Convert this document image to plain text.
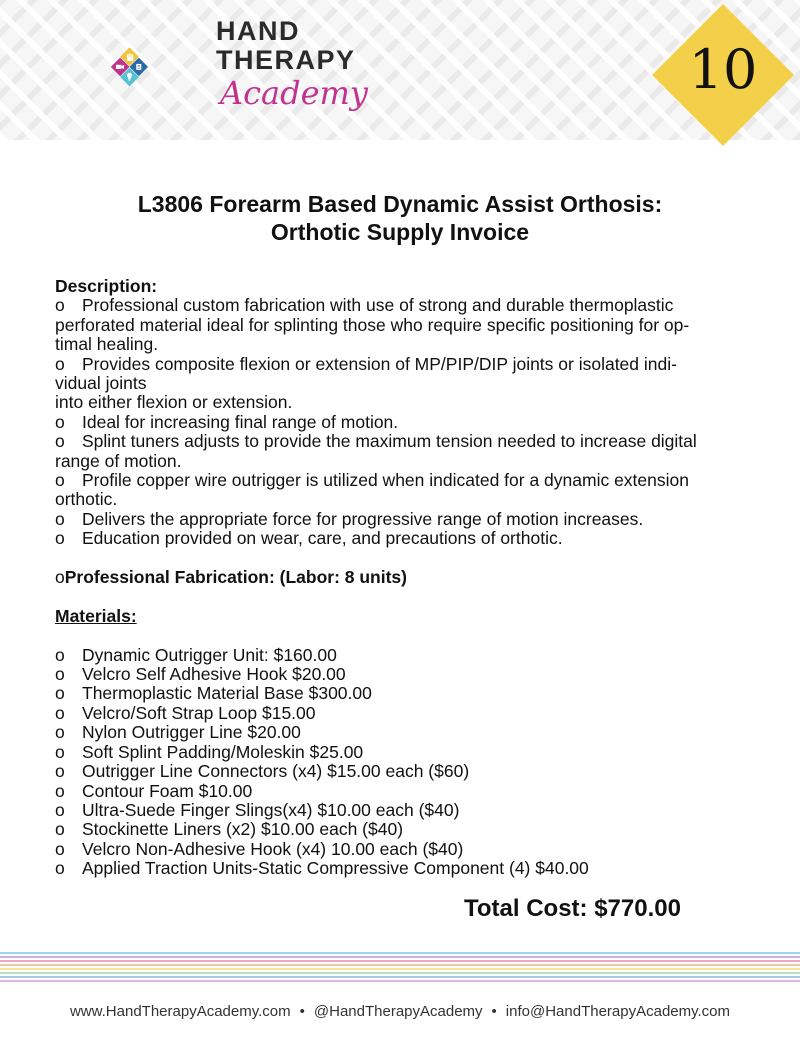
HAND
THERAPY
Academy	10
L3806 Forearm Based Dynamic Assist Orthosis:
Orthotic Supply Invoice

Description:

o Professional custom fabrication with use of strong and durable thermoplastic

perforated material ideal for splinting those who require specific positioning for op-

timal healing.

o Provides composite flexion or extension of MP/PIP/DIP joints or isolated indi-

vidual joints

into either flexion or extension.

o Ideal for increasing final range of motion.

o Splint tuners adjusts to provide the maximum tension needed to increase digital

range of motion.

o Profile copper wire outrigger is utilized when indicated for a dynamic extension

orthotic.

o Delivers the appropriate force for progressive range of motion increases.

o Education provided on wear, care, and precautions of orthotic.

oProfessional Fabrication: (Labor: 8 units)

Materials:

o Dynamic Outrigger Unit: $160.00

o Velcro Self Adhesive Hook $20.00

o Thermoplastic Material Base $300.00

o Velcro/Soft Strap Loop $15.00

o Nylon Outrigger Line $20.00

o Soft Splint Padding/Moleskin $25.00

o Outrigger Line Connectors (x4) $15.00 each ($60)

o Contour Foam $10.00

o Ultra-Suede Finger Slings(x4) $10.00 each ($40)

o Stockinette Liners (x2) $10.00 each ($40)

o Velcro Non-Adhesive Hook (x4) 10.00 each ($40)

o Applied Traction Units-Static Compressive Component (4) $40.00

Total Cost: $770.00
www.HandTherapyAcademy.com • @HandTherapyAcademy • info@HandTherapyAcademy.com
